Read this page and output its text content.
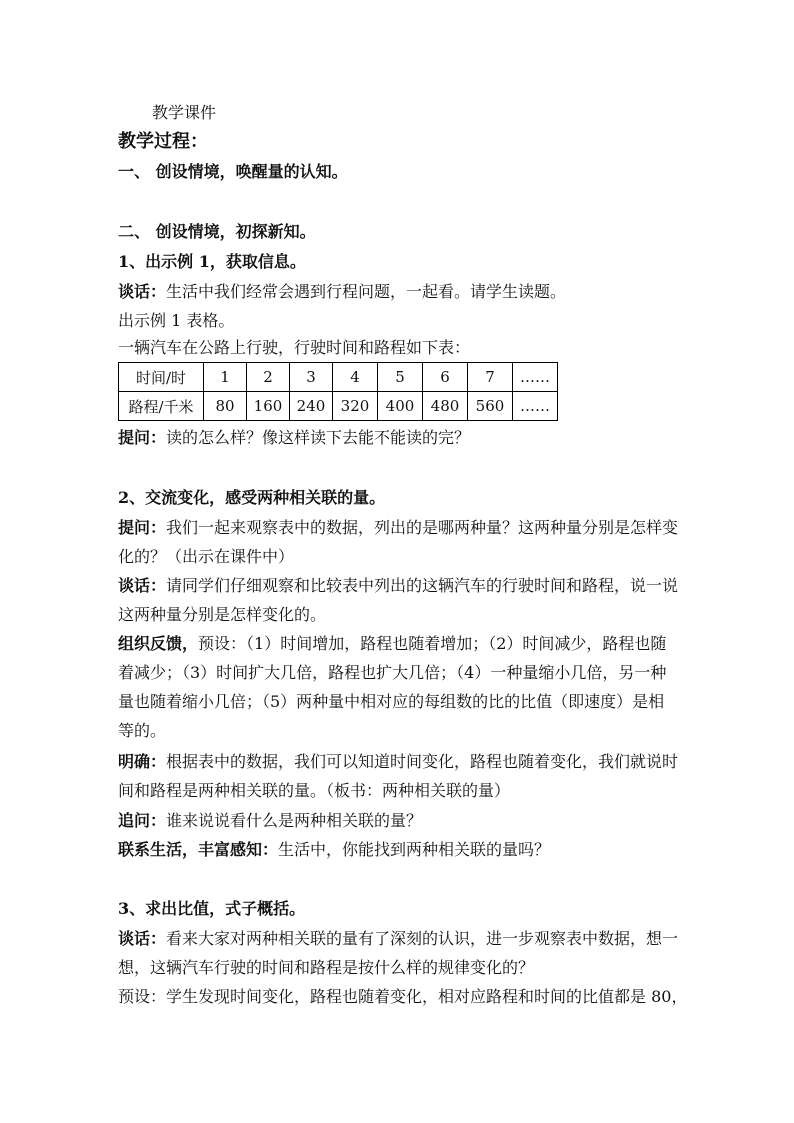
教学课件
教学过程：
一、 创设情境，唤醒量的认知。
二、 创设情境，初探新知。
1、出示例 1，获取信息。
谈话：生活中我们经常会遇到行程问题，一起看。请学生读题。
出示例 1 表格。
一辆汽车在公路上行驶，行驶时间和路程如下表：
时间/时	1	2	3	4	5	6	7	……
路程/千米	80	160	240	320	400	480	560	……
提问：读的怎么样？像这样读下去能不能读的完？
2、交流变化，感受两种相关联的量。
提问：我们一起来观察表中的数据，列出的是哪两种量？这两种量分别是怎样变
化的？（出示在课件中）
谈话：请同学们仔细观察和比较表中列出的这辆汽车的行驶时间和路程，说一说
这两种量分别是怎样变化的。
组织反馈，预设：（1）时间增加，路程也随着增加；（2）时间减少，路程也随
着减少；（3）时间扩大几倍，路程也扩大几倍；（4）一种量缩小几倍，另一种
量也随着缩小几倍；（5）两种量中相对应的每组数的比的比值（即速度）是相
等的。
明确：根据表中的数据，我们可以知道时间变化，路程也随着变化，我们就说时
间和路程是两种相关联的量。（板书：两种相关联的量）
追问：谁来说说看什么是两种相关联的量？
联系生活，丰富感知：生活中，你能找到两种相关联的量吗？
3、求出比值，式子概括。
谈话：看来大家对两种相关联的量有了深刻的认识，进一步观察表中数据，想一
想，这辆汽车行驶的时间和路程是按什么样的规律变化的？
预设：学生发现时间变化，路程也随着变化，相对应路程和时间的比值都是 80，
